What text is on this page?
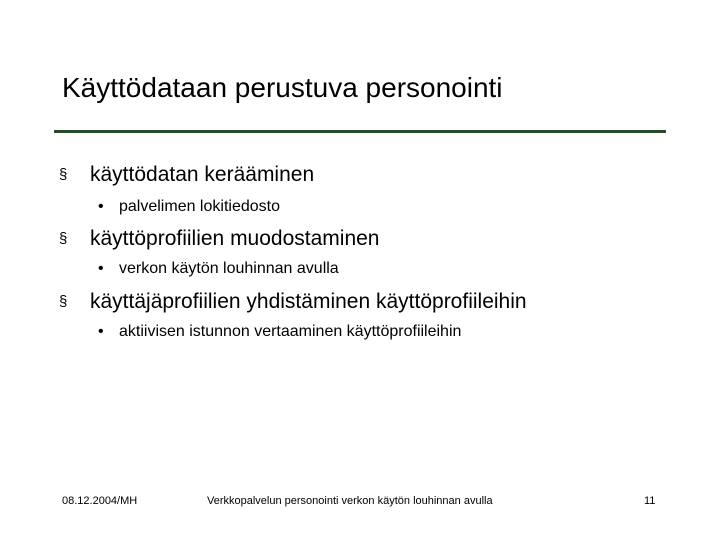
Käyttödataan perustuva personointi
§ käyttödatan kerääminen
• palvelimen lokitiedosto
§ käyttöprofiilien muodostaminen
• verkon käytön louhinnan avulla
§ käyttäjäprofiilien yhdistäminen käyttöprofiileihin
• aktiivisen istunnon vertaaminen käyttöprofiileihin
08.12.2004/MH	Verkkopalvelun personointi verkon käytön louhinnan avulla	11
